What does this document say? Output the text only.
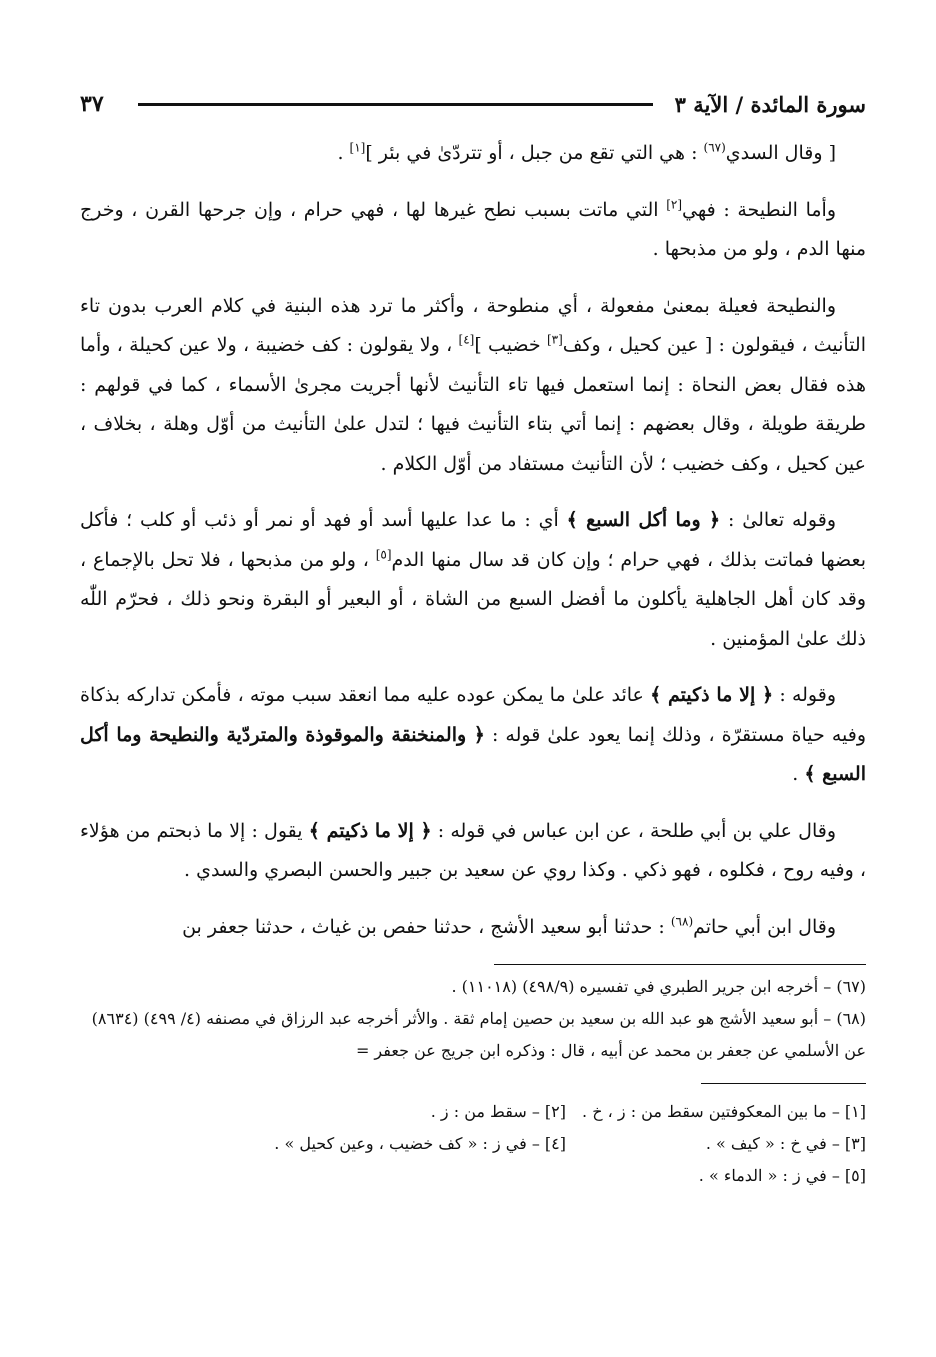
سورة المائدة / الآية ٣
٣٧

[ وقال السدي$^{(٦٧)}$ : هي التي تقع من جبل ، أو تتردّىٰ في بئر ][١] .

وأما النطيحة : فهي[٢] التي ماتت بسبب نطح غيرها لها ، فهي حرام ، وإن جرحها القرن ، وخرج منها الدم ، ولو من مذبحها .

والنطيحة فعيلة بمعنىٰ مفعولة ، أي منطوحة ، وأكثر ما ترد هذه البنية في كلام العرب بدون تاء التأنيث ، فيقولون : [ عين كحيل ، وكف[٣] خضيب ][٤] ، ولا يقولون : كف خضيبة ، ولا عين كحيلة ، وأما هذه فقال بعض النحاة : إنما استعمل فيها تاء التأنيث لأنها أجريت مجرىٰ الأسماء ، كما في قولهم : طريقة طويلة ، وقال بعضهم : إنما أتي بتاء التأنيث فيها ؛ لتدل علىٰ التأنيث من أوّل وهلة ، بخلاف ، عين كحيل ، وكف خضيب ؛ لأن التأنيث مستفاد من أوّل الكلام .

وقوله تعالىٰ : ﴿ وما أكل السبع ﴾ أي : ما عدا عليها أسد أو فهد أو نمر أو ذئب أو كلب ؛ فأكل بعضها فماتت بذلك ، فهي حرام ؛ وإن كان قد سال منها الدم[٥] ، ولو من مذبحها ، فلا تحل بالإجماع ، وقد كان أهل الجاهلية يأكلون ما أفضل السبع من الشاة ، أو البعير أو البقرة ونحو ذلك ، فحرّم اللّٰه ذلك علىٰ المؤمنين .

وقوله : ﴿ إلا ما ذكيتم ﴾ عائد علىٰ ما يمكن عوده عليه مما انعقد سبب موته ، فأمكن تداركه بذكاة وفيه حياة مستقرّة ، وذلك إنما يعود علىٰ قوله : ﴿ والمنخنقة والموقوذة والمتردّية والنطيحة وما أكل السبع ﴾ .

وقال علي بن أبي طلحة ، عن ابن عباس في قوله : ﴿ إلا ما ذكيتم ﴾ يقول : إلا ما ذبحتم من هؤلاء ، وفيه روح ، فكلوه ، فهو ذكي . وكذا روي عن سعيد بن جبير والحسن البصري والسدي .

وقال ابن أبي حاتم$^{(٦٨)}$ : حدثنا أبو سعيد الأشج ، حدثنا حفص بن غياث ، حدثنا جعفر بن

(٦٧) – أخرجه ابن جرير الطبري في تفسيره (٤٩٨/٩) (١١٠١٨) .

(٦٨) – أبو سعيد الأشج هو عبد الله بن سعيد بن حصين إمام ثقة . والأثر أخرجه عبد الرزاق في مصنفه (٤/ ٤٩٩) (٨٦٣٤) عن الأسلمي عن جعفر بن محمد عن أبيه ، قال : وذكره ابن جريج عن جعفر =

[١] – ما بين المعكوفتين سقط من : ز ، خ .
[٢] – سقط من : ز .
[٣] – في خ : « كيف » .
[٤] – في ز : « كف خضيب ، وعين كحيل » .
[٥] – في ز : « الدماء » .
